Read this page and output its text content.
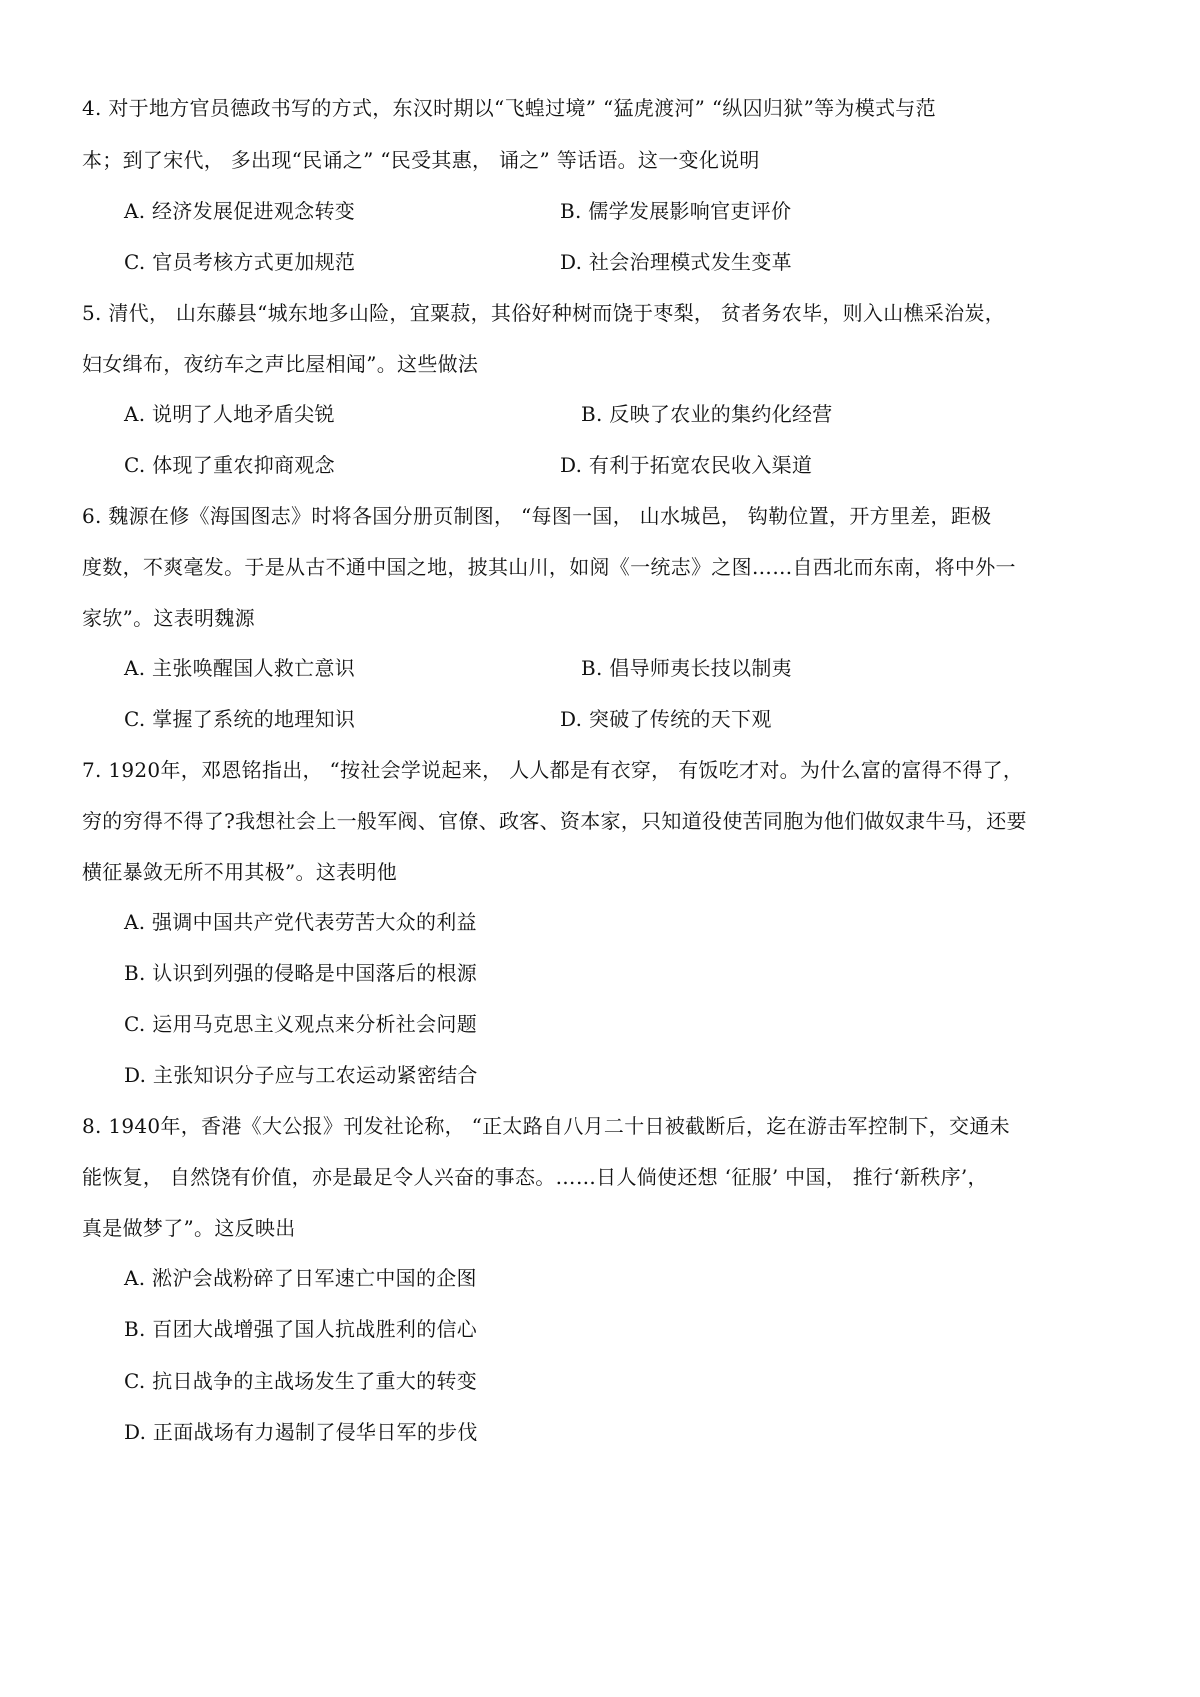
4. 对于地方官员德政书写的方式，东汉时期以“飞蝗过境” “猛虎渡河” “纵囚归狱”等为模式与范
本；到了宋代， 多出现“民诵之” “民受其惠， 诵之” 等话语。这一变化说明
A. 经济发展促进观念转变	B. 儒学发展影响官吏评价
C. 官员考核方式更加规范	D. 社会治理模式发生变革
5. 清代， 山东藤县“城东地多山险，宜粟菽，其俗好种树而饶于枣梨， 贫者务农毕，则入山樵采治炭，
妇女缉布，夜纺车之声比屋相闻”。这些做法
A. 说明了人地矛盾尖锐	B. 反映了农业的集约化经营
C. 体现了重农抑商观念	D. 有利于拓宽农民收入渠道
6. 魏源在修《海国图志》时将各国分册页制图， “每图一国， 山水城邑， 钩勒位置，开方里差，距极
度数，不爽毫发。于是从古不通中国之地，披其山川，如阅《一统志》之图……自西北而东南，将中外一
家欤”。这表明魏源
A. 主张唤醒国人救亡意识	B. 倡导师夷长技以制夷
C. 掌握了系统的地理知识	D. 突破了传统的天下观
7. 1920年，邓恩铭指出， “按社会学说起来， 人人都是有衣穿， 有饭吃才对。为什么富的富得不得了，
穷的穷得不得了?我想社会上一般军阀、官僚、政客、资本家，只知道役使苦同胞为他们做奴隶牛马，还要
横征暴敛无所不用其极”。这表明他
A. 强调中国共产党代表劳苦大众的利益
B. 认识到列强的侵略是中国落后的根源
C. 运用马克思主义观点来分析社会问题
D. 主张知识分子应与工农运动紧密结合
8. 1940年，香港《大公报》刊发社论称， “正太路自八月二十日被截断后，迄在游击军控制下，交通未
能恢复， 自然饶有价值，亦是最足令人兴奋的事态。……日人倘使还想 ‘征服’ 中国， 推行‘新秩序’，
真是做梦了”。这反映出
A. 淞沪会战粉碎了日军速亡中国的企图
B. 百团大战增强了国人抗战胜利的信心
C. 抗日战争的主战场发生了重大的转变
D. 正面战场有力遏制了侵华日军的步伐
